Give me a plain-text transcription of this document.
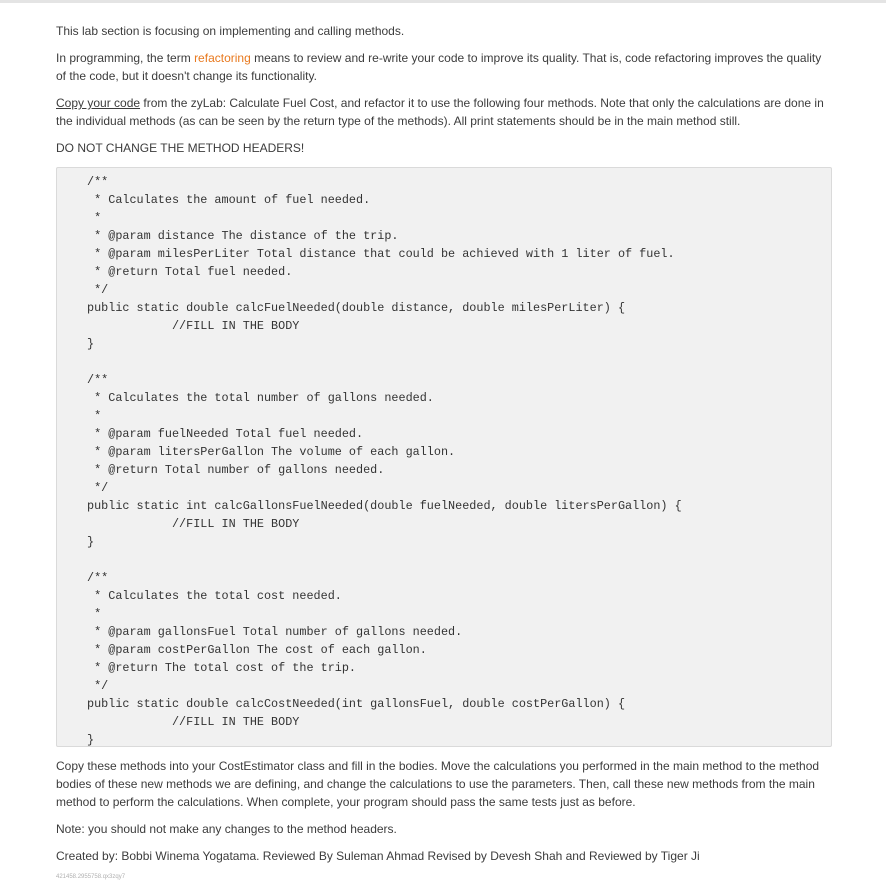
This lab section is focusing on implementing and calling methods.

In programming, the term refactoring means to review and re-write your code to improve its quality. That is, code refactoring improves the quality of the code, but it doesn't change its functionality.

Copy your code from the zyLab: Calculate Fuel Cost, and refactor it to use the following four methods. Note that only the calculations are done in the individual methods (as can be seen by the return type of the methods). All print statements should be in the main method still.

DO NOT CHANGE THE METHOD HEADERS!

/**
* Calculates the amount of fuel needed.
*
* @param distance The distance of the trip.
* @param milesPerLiter Total distance that could be achieved with 1 liter of fuel.
* @return Total fuel needed.
*/
public static double calcFuelNeeded(double distance, double milesPerLiter) {
//FILL IN THE BODY
}

/**
* Calculates the total number of gallons needed.
*
* @param fuelNeeded Total fuel needed.
* @param litersPerGallon The volume of each gallon.
* @return Total number of gallons needed.
*/
public static int calcGallonsFuelNeeded(double fuelNeeded, double litersPerGallon) {
//FILL IN THE BODY
}

/**
* Calculates the total cost needed.
*
* @param gallonsFuel Total number of gallons needed.
* @param costPerGallon The cost of each gallon.
* @return The total cost of the trip.
*/
public static double calcCostNeeded(int gallonsFuel, double costPerGallon) {
//FILL IN THE BODY
}

Copy these methods into your CostEstimator class and fill in the bodies. Move the calculations you performed in the main method to the method bodies of these new methods we are defining, and change the calculations to use the parameters. Then, call these new methods from the main method to perform the calculations. When complete, your program should pass the same tests just as before.

Note: you should not make any changes to the method headers.

Created by: Bobbi Winema Yogatama. Reviewed By Suleman Ahmad Revised by Devesh Shah and Reviewed by Tiger Ji

421458.2955758.qx3zqy7
